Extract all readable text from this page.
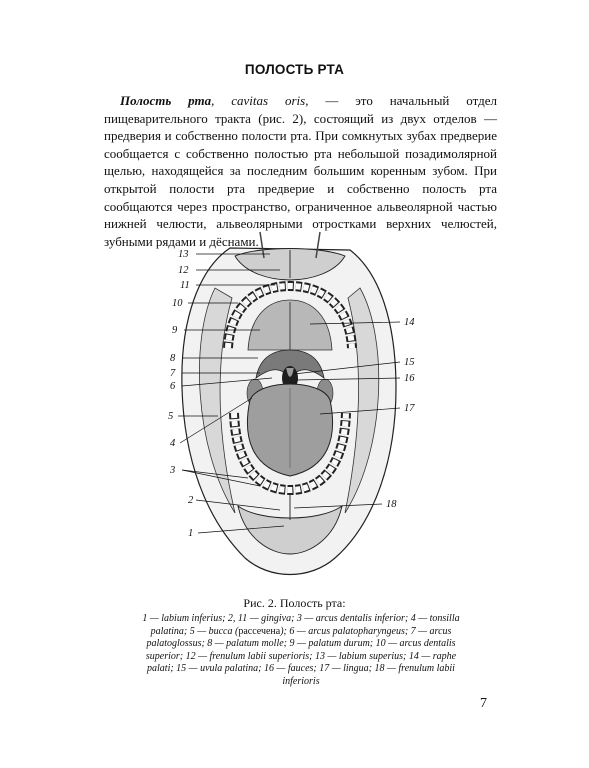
ПОЛОСТЬ РТА

Полость рта, cavitas oris, — это начальный отдел пищеварительного тракта (рис. 2), состоящий из двух отделов — предверия и собственно полости рта. При сомкнутых зубах предверие сообщается с собственно полостью рта небольшой позадимолярной щелью, находящейся за последним большим коренным зубом. При открытой полости рта предверие и собственно полость рта сообщаются через пространство, ограниченное альвеолярной частью нижней челюсти, альвеолярными отростками верхних челюстей, зубными рядами и дёснами.

13
12
11
10
9
8
7
6
5
4
3
2
1
14
15
16
17
18
Рис. 2. Полость рта:

1 — labium inferius; 2, 11 — gingiva; 3 — arcus dentalis inferior; 4 — tonsilla palatina; 5 — bucca (рассечена); 6 — arcus palatopharyngeus; 7 — arcus palatoglossus; 8 — palatum molle; 9 — palatum durum; 10 — arcus dentalis superior; 12 — frenulum labii superioris; 13 — labium superius; 14 — raphe palati; 15 — uvula palatina; 16 — fauces; 17 — lingua; 18 — frenulum labii inferioris

7
